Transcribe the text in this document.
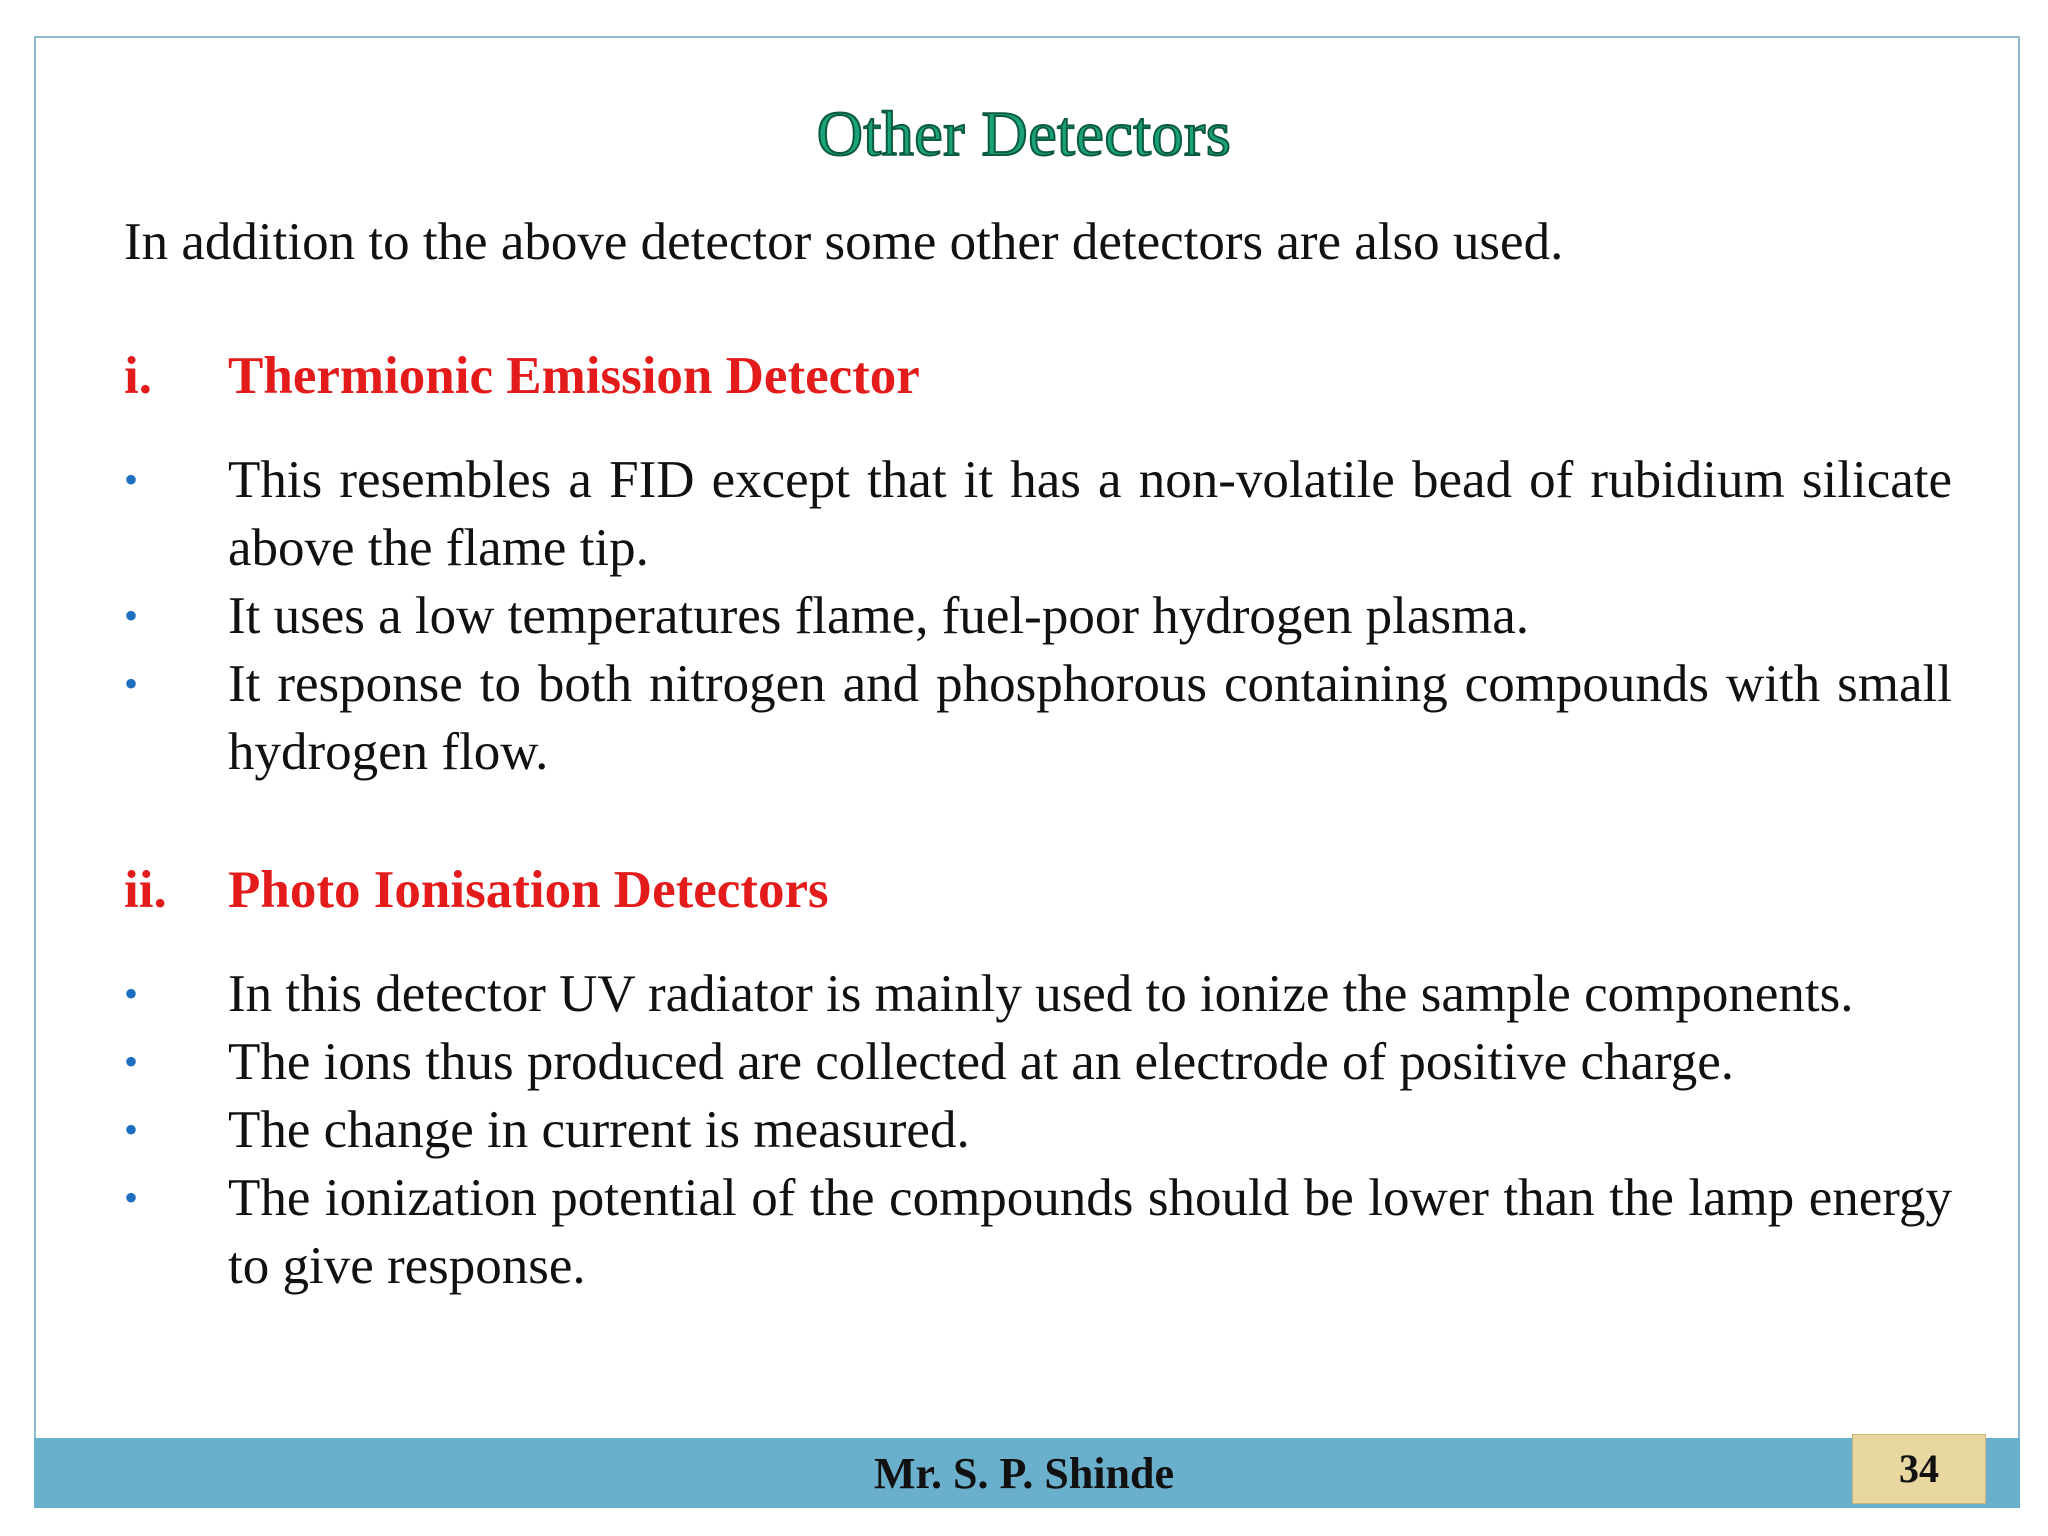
Other Detectors
In addition to the above detector some other detectors are also used.
i. Thermionic Emission Detector
• This resembles a FID except that it has a non-volatile bead of rubidium silicate above the flame tip.
• It uses a low temperatures flame, fuel-poor hydrogen plasma.
• It response to both nitrogen and phosphorous containing compounds with small hydrogen flow.
ii. Photo Ionisation Detectors
• In this detector UV radiator is mainly used to ionize the sample components.
• The ions thus produced are collected at an electrode of positive charge.
• The change in current is measured.
• The ionization potential of the compounds should be lower than the lamp energy to give response.
Mr. S. P. Shinde	34
